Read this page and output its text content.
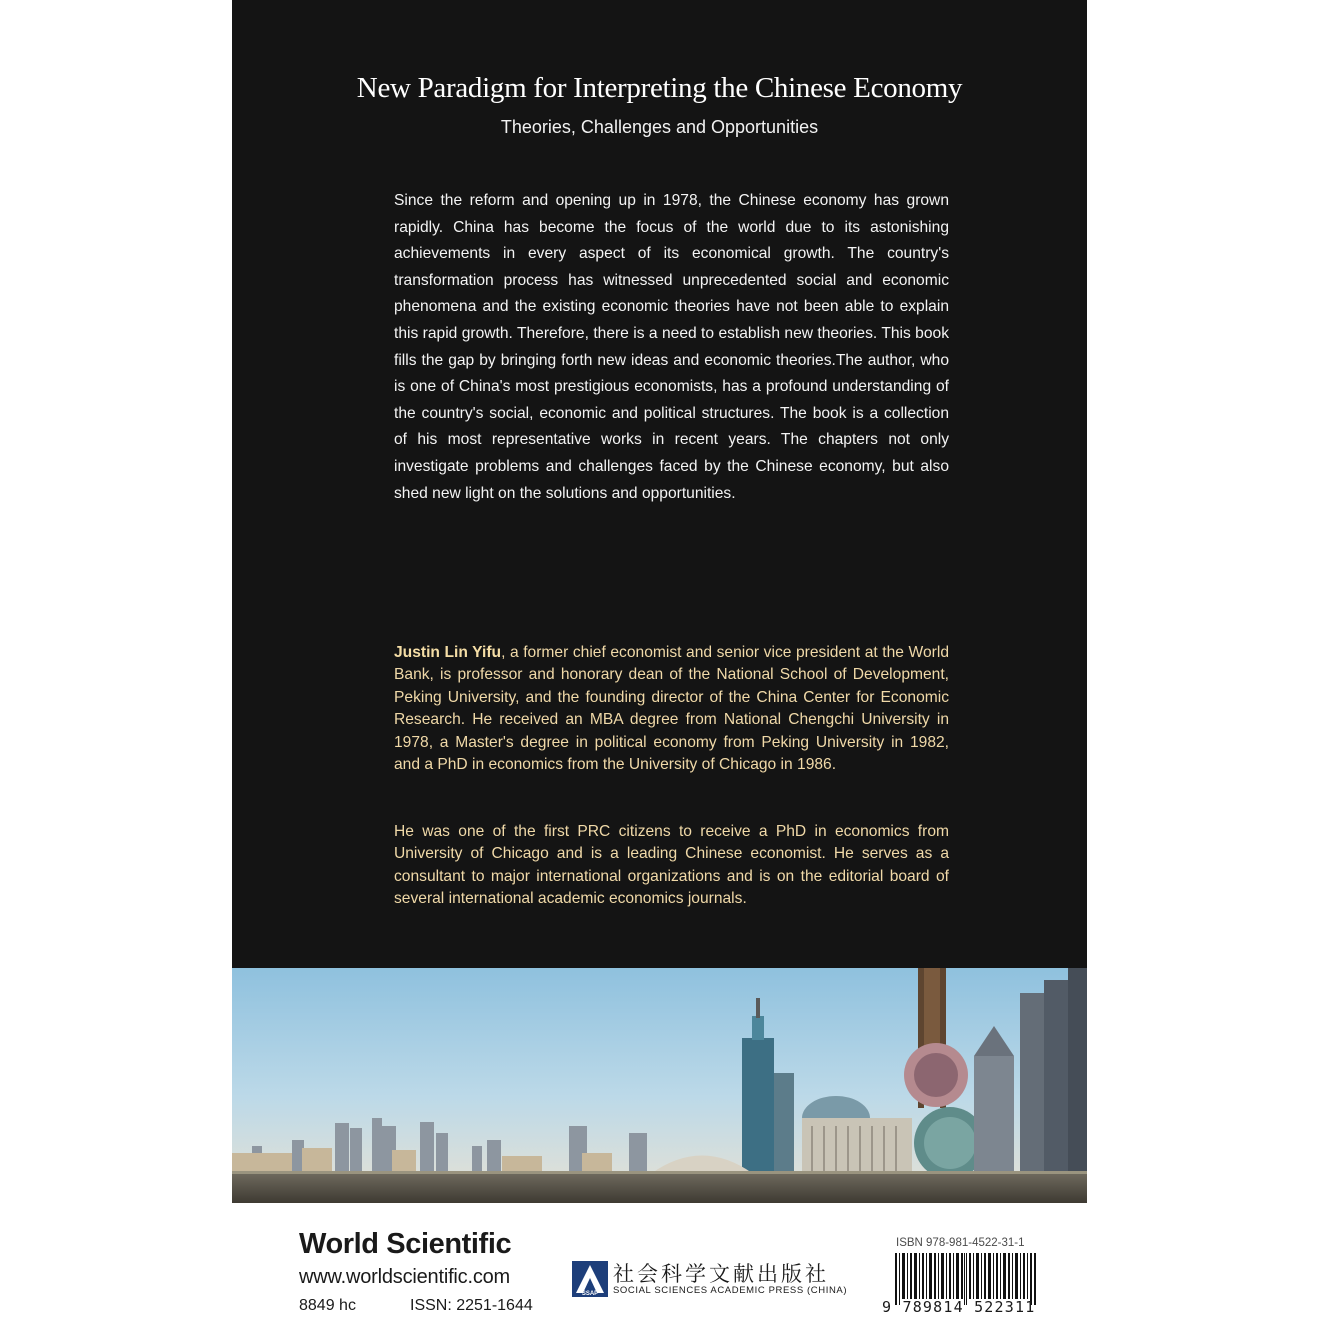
New Paradigm for Interpreting the Chinese Economy
Theories, Challenges and Opportunities

Since the reform and opening up in 1978, the Chinese economy has grown rapidly. China has become the focus of the world due to its astonishing achievements in every aspect of its economical growth. The country's transformation process has witnessed unprecedented social and economic phenomena and the existing economic theories have not been able to explain this rapid growth. Therefore, there is a need to establish new theories. This book fills the gap by bringing forth new ideas and economic theories.The author, who is one of China's most prestigious economists, has a profound understanding of the country's social, economic and political structures. The book is a collection of his most representative works in recent years. The chapters not only investigate problems and challenges faced by the Chinese economy, but also shed new light on the solutions and opportunities.

Justin Lin Yifu, a former chief economist and senior vice president at the World Bank, is professor and honorary dean of the National School of Development, Peking University, and the founding director of the China Center for Economic Research. He received an MBA degree from National Chengchi University in 1978, a Master's degree in political economy from Peking University in 1982, and a PhD in economics from the University of Chicago in 1986.

He was one of the first PRC citizens to receive a PhD in economics from University of Chicago and is a leading Chinese economist. He serves as a consultant to major international organizations and is on the editorial board of several international academic economics journals.

World Scientific
www.worldscientific.com
8849 hc	ISSN: 2251-1644
SSAP
社会科学文献出版社
SOCIAL SCIENCES ACADEMIC PRESS (CHINA)
ISBN 978-981-4522-31-1
9 789814 522311
